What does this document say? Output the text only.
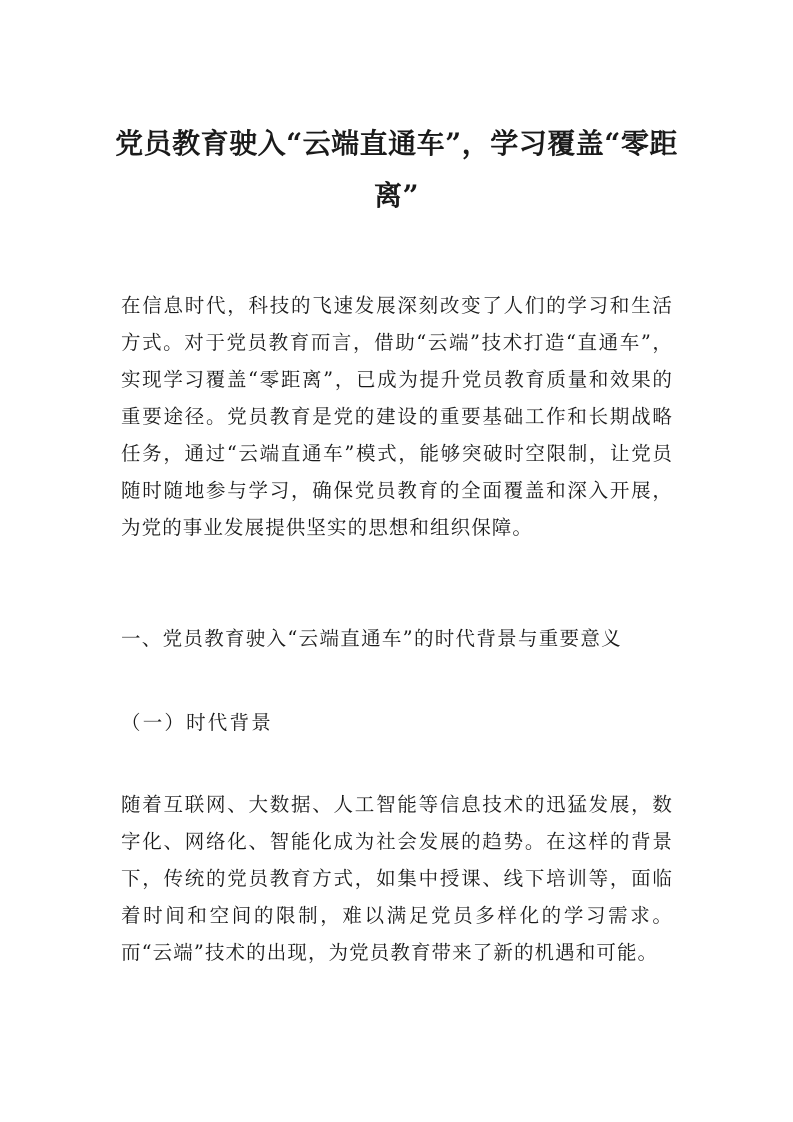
党员教育驶入“云端直通车”，学习覆盖“零距离”

在信息时代，科技的飞速发展深刻改变了人们的学习和生活方式。对于党员教育而言，借助“云端”技术打造“直通车”，实现学习覆盖“零距离”，已成为提升党员教育质量和效果的重要途径。党员教育是党的建设的重要基础工作和长期战略任务，通过“云端直通车”模式，能够突破时空限制，让党员随时随地参与学习，确保党员教育的全面覆盖和深入开展，为党的事业发展提供坚实的思想和组织保障。

一、党员教育驶入“云端直通车”的时代背景与重要意义

（一）时代背景

随着互联网、大数据、人工智能等信息技术的迅猛发展，数字化、网络化、智能化成为社会发展的趋势。在这样的背景下，传统的党员教育方式，如集中授课、线下培训等，面临着时间和空间的限制，难以满足党员多样化的学习需求。而“云端”技术的出现，为党员教育带来了新的机遇和可能。
